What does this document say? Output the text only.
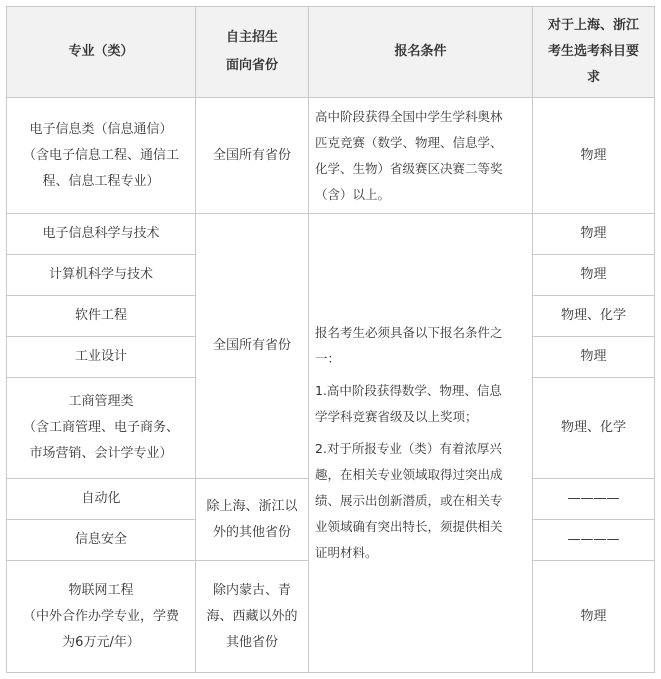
专业（类）
自主招生
面向省份
报名条件
对于上海、浙江
考生选考科目要
求
电子信息类（信息通信）
（含电子信息工程、通信工
程、信息工程专业）
电子信息科学与技术
计算机科学与技术
软件工程
工业设计
工商管理类
（含工商管理、电子商务、
市场营销、会计学专业）
自动化
信息安全
物联网工程
（中外合作办学专业，学费
为6万元/年）
全国所有省份
全国所有省份
除上海、浙江以
外的其他省份
除内蒙古、青
海、西藏以外的
其他省份
高中阶段获得全国中学生学科奥林
匹克竞赛（数学、物理、信息学、
化学、生物）省级赛区决赛二等奖
（含）以上。
报名考生必须具备以下报名条件之
一：
1.高中阶段获得数学、物理、信息
学学科竞赛省级及以上奖项；
2.对于所报专业（类）有着浓厚兴
趣，在相关专业领域取得过突出成
绩、展示出创新潜质，或在相关专
业领域确有突出特长，须提供相关
证明材料。
物理
物理
物理
物理、化学
物理
物理、化学
————
————
物理
